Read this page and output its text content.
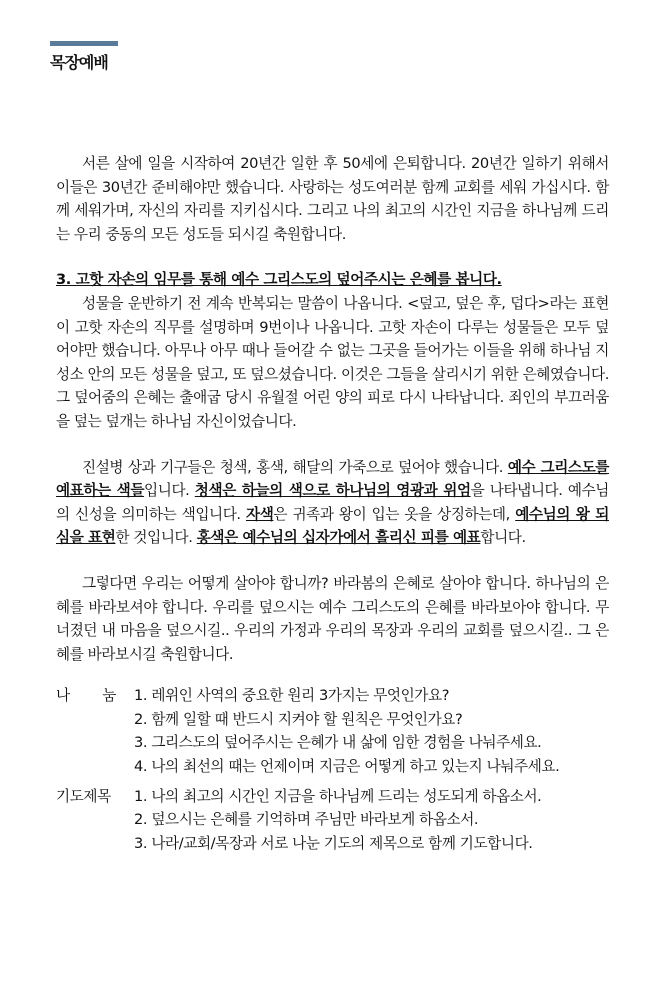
목장예배

서른 살에 일을 시작하여 20년간 일한 후 50세에 은퇴합니다. 20년간 일하기 위해서 이들은 30년간 준비해야만 했습니다. 사랑하는 성도여러분 함께 교회를 세워 가십시다. 함께 세워가며, 자신의 자리를 지키십시다. 그리고 나의 최고의 시간인 지금을 하나님께 드리는 우리 중동의 모든 성도들 되시길 축원합니다.

3. 고핫 자손의 임무를 통해 예수 그리스도의 덮어주시는 은혜를 봅니다.

성물을 운반하기 전 계속 반복되는 말씀이 나옵니다. <덮고, 덮은 후, 덥다>라는 표현이 고핫 자손의 직무를 설명하며 9번이나 나옵니다. 고핫 자손이 다루는 성물들은 모두 덮어야만 했습니다. 아무나 아무 때나 들어갈 수 없는 그곳을 들어가는 이들을 위해 하나님 지성소 안의 모든 성물을 덮고, 또 덮으셨습니다. 이것은 그들을 살리시기 위한 은혜였습니다. 그 덮어줌의 은혜는 출애굽 당시 유월절 어린 양의 피로 다시 나타납니다. 죄인의 부끄러움을 덮는 덮개는 하나님 자신이었습니다.

진설병 상과 기구들은 청색, 홍색, 해달의 가죽으로 덮어야 했습니다. 예수 그리스도를 예표하는 색들입니다. 청색은 하늘의 색으로 하나님의 영광과 위엄을 나타냅니다. 예수님의 신성을 의미하는 색입니다. 자색은 귀족과 왕이 입는 옷을 상징하는데, 예수님의 왕 되심을 표현한 것입니다. 홍색은 예수님의 십자가에서 흘리신 피를 예표합니다.

그렇다면 우리는 어떻게 살아야 합니까? 바라봄의 은혜로 살아야 합니다. 하나님의 은혜를 바라보셔야 합니다. 우리를 덮으시는 예수 그리스도의 은혜를 바라보아야 합니다. 무너졌던 내 마음을 덮으시길.. 우리의 가정과 우리의 목장과 우리의 교회를 덮으시길.. 그 은혜를 바라보시길 축원합니다.

나 눔 1. 레위인 사역의 중요한 원리 3가지는 무엇인가요?
2. 함께 일할 때 반드시 지켜야 할 원칙은 무엇인가요?
3. 그리스도의 덮어주시는 은혜가 내 삶에 임한 경험을 나눠주세요.
4. 나의 최선의 때는 언제이며 지금은 어떻게 하고 있는지 나눠주세요.
기도제목	1. 나의 최고의 시간인 지금을 하나님께 드리는 성도되게 하옵소서.
2. 덮으시는 은혜를 기억하며 주님만 바라보게 하옵소서.
3. 나라/교회/목장과 서로 나눈 기도의 제목으로 함께 기도합니다.
